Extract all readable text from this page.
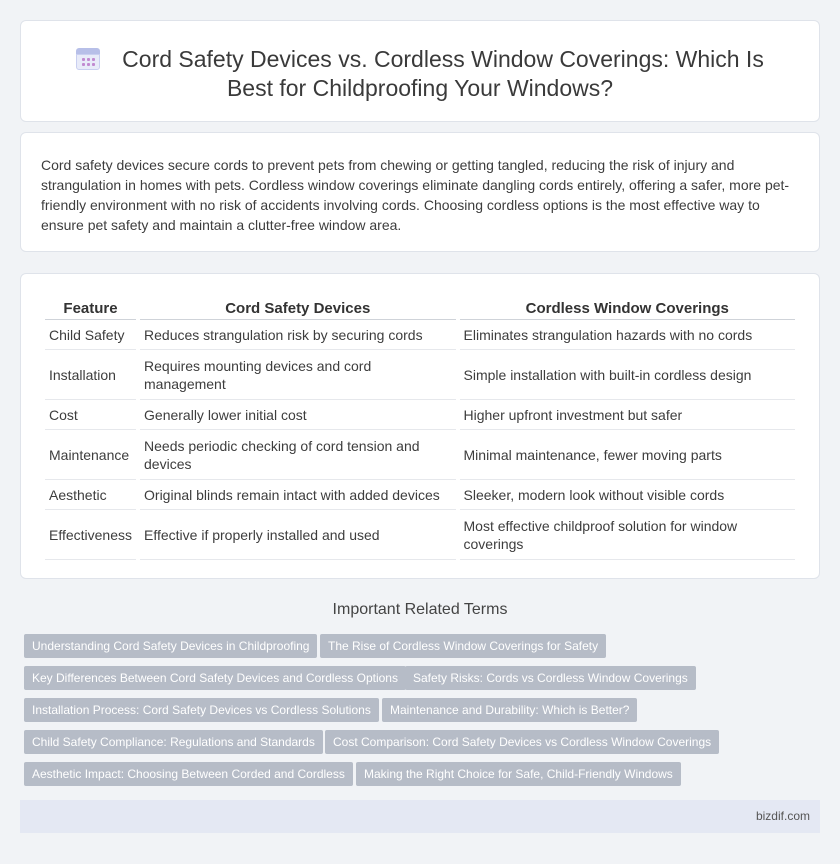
Cord Safety Devices vs. Cordless Window Coverings: Which Is Best for Childproofing Your Windows?

Cord safety devices secure cords to prevent pets from chewing or getting tangled, reducing the risk of injury and strangulation in homes with pets. Cordless window coverings eliminate dangling cords entirely, offering a safer, more pet-friendly environment with no risk of accidents involving cords. Choosing cordless options is the most effective way to ensure pet safety and maintain a clutter-free window area.

Feature	Cord Safety Devices	Cordless Window Coverings
Child Safety	Reduces strangulation risk by securing cords	Eliminates strangulation hazards with no cords
Installation	Requires mounting devices and cord management	Simple installation with built-in cordless design
Cost	Generally lower initial cost	Higher upfront investment but safer
Maintenance	Needs periodic checking of cord tension and devices	Minimal maintenance, fewer moving parts
Aesthetic	Original blinds remain intact with added devices	Sleeker, modern look without visible cords
Effectiveness	Effective if properly installed and used	Most effective childproof solution for window coverings
Important Related Terms
Understanding Cord Safety Devices in Childproofing	The Rise of Cordless Window Coverings for Safety
Key Differences Between Cord Safety Devices and Cordless Options	Safety Risks: Cords vs Cordless Window Coverings
Installation Process: Cord Safety Devices vs Cordless Solutions	Maintenance and Durability: Which is Better?
Child Safety Compliance: Regulations and Standards	Cost Comparison: Cord Safety Devices vs Cordless Window Coverings
Aesthetic Impact: Choosing Between Corded and Cordless	Making the Right Choice for Safe, Child-Friendly Windows
bizdif.com
